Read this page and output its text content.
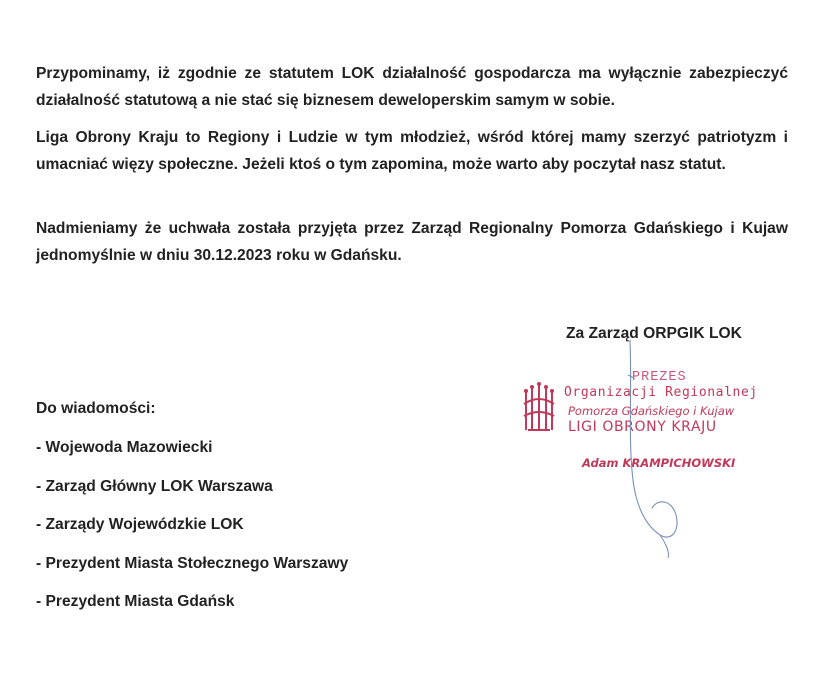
Przypominamy, iż zgodnie ze statutem LOK działalność gospodarcza ma wyłącznie zabezpieczyć działalność statutową a nie stać się biznesem deweloperskim samym w sobie.

Liga Obrony Kraju to Regiony i Ludzie w tym młodzież, wśród której mamy szerzyć patriotyzm i umacniać więzy społeczne. Jeżeli ktoś o tym zapomina, może warto aby poczytał nasz statut.

Nadmieniamy że uchwała została przyjęta przez Zarząd Regionalny Pomorza Gdańskiego i Kujaw jednomyślnie w dniu 30.12.2023 roku w Gdańsku.

Za Zarząd ORPGIK LOK
PREZES
Organizacji Regionalnej
Pomorza Gdańskiego i Kujaw
LIGI OBRONY KRAJU
Adam KRAMPICHOWSKI
Do wiadomości:
- Wojewoda Mazowiecki
- Zarząd Główny LOK Warszawa
- Zarządy Wojewódzkie LOK
- Prezydent Miasta Stołecznego Warszawy
- Prezydent Miasta Gdańsk
